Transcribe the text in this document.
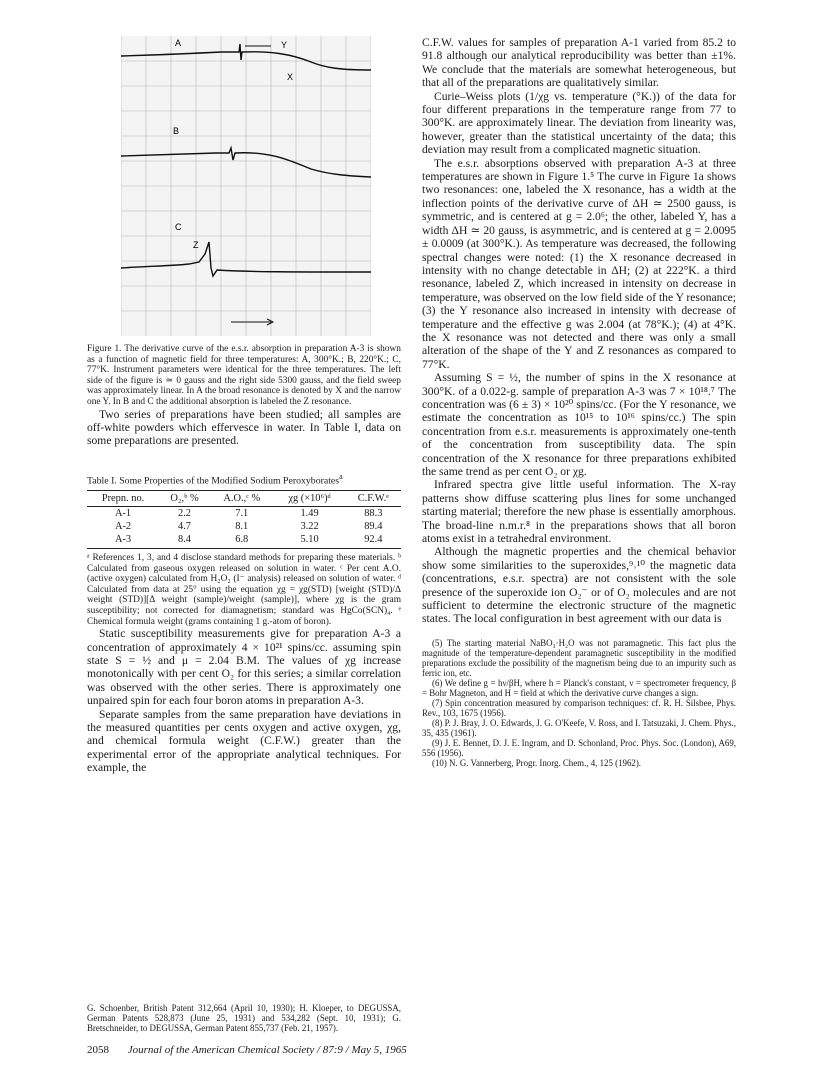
A
B
C
X
Y
Z
Figure 1. The derivative curve of the e.s.r. absorption in preparation A-3 is shown as a function of magnetic field for three temperatures: A, 300°K.; B, 220°K.; C, 77°K. Instrument parameters were identical for the three temperatures. The left side of the figure is ≃ 0 gauss and the right side 5300 gauss, and the field sweep was approximately linear. In A the broad resonance is denoted by X and the narrow one Y. In B and C the additional absorption is labeled the Z resonance.

Two series of preparations have been studied; all samples are off-white powders which effervesce in water. In Table I, data on some preparations are presented.

Table I. Some Properties of the Modified Sodium Peroxyborates$^a$
Prepn. no.	O₂,ᵇ %	A.O.,ᶜ %	χg (×10⁶)ᵈ	C.F.W.ᵉ
A-1	2.2	7.1	1.49	88.3
A-2	4.7	8.1	3.22	89.4
A-3	8.4	6.8	5.10	92.4
ᵃ References 1, 3, and 4 disclose standard methods for preparing these materials. ᵇ Calculated from gaseous oxygen released on solution in water. ᶜ Per cent A.O. (active oxygen) calculated from H₂O₂ (I⁻ analysis) released on solution of water. ᵈ Calculated from data at 25° using the equation χg = χg(STD) [weight (STD)/Δ weight (STD)][Δ weight (sample)/weight (sample)], where χg is the gram susceptibility; not corrected for diamagnetism; standard was HgCo(SCN)₄. ᵉ Chemical formula weight (grams containing 1 g.-atom of boron).

Static susceptibility measurements give for preparation A-3 a concentration of approximately 4 × 10²¹ spins/cc. assuming spin state S = ½ and μ = 2.04 B.M. The values of χg increase monotonically with per cent O₂ for this series; a similar correlation was observed with the other series. There is approximately one unpaired spin for each four boron atoms in preparation A-3.

Separate samples from the same preparation have deviations in the measured quantities per cents oxygen and active oxygen, χg, and chemical formula weight (C.F.W.) greater than the experimental error of the appropriate analytical techniques. For example, the

G. Schoenber, British Patent 312,664 (April 10, 1930); H. Kloeper, to DEGUSSA, German Patents 528,873 (June 25, 1931) and 534,282 (Sept. 10, 1931); G. Bretschneider, to DEGUSSA, German Patent 855,737 (Feb. 21, 1957).

C.F.W. values for samples of preparation A-1 varied from 85.2 to 91.8 although our analytical reproducibility was better than ±1%. We conclude that the materials are somewhat heterogeneous, but that all of the preparations are qualitatively similar.

Curie–Weiss plots (1/χg vs. temperature (°K.)) of the data for four different preparations in the temperature range from 77 to 300°K. are approximately linear. The deviation from linearity was, however, greater than the statistical uncertainty of the data; this deviation may result from a complicated magnetic situation.

The e.s.r. absorptions observed with preparation A-3 at three temperatures are shown in Figure 1.⁵ The curve in Figure 1a shows two resonances: one, labeled the X resonance, has a width at the inflection points of the derivative curve of ΔH ≃ 2500 gauss, is symmetric, and is centered at g = 2.0⁶; the other, labeled Y, has a width ΔH ≃ 20 gauss, is asymmetric, and is centered at g = 2.0095 ± 0.0009 (at 300°K.). As temperature was decreased, the following spectral changes were noted: (1) the X resonance decreased in intensity with no change detectable in ΔH; (2) at 222°K. a third resonance, labeled Z, which increased in intensity on decrease in temperature, was observed on the low field side of the Y resonance; (3) the Y resonance also increased in intensity with decrease of temperature and the effective g was 2.004 (at 78°K.); (4) at 4°K. the X resonance was not detected and there was only a small alteration of the shape of the Y and Z resonances as compared to 77°K.

Assuming S = ½, the number of spins in the X resonance at 300°K. of a 0.022-g. sample of preparation A-3 was 7 × 10¹⁸.⁷ The concentration was (6 ± 3) × 10²⁰ spins/cc. (For the Y resonance, we estimate the concentration as 10¹⁵ to 10¹⁶ spins/cc.) The spin concentration from e.s.r. measurements is approximately one-tenth of the concentration from susceptibility data. The spin concentration of the X resonance for three preparations exhibited the same trend as per cent O₂ or χg.

Infrared spectra give little useful information. The X-ray patterns show diffuse scattering plus lines for some unchanged starting material; therefore the new phase is essentially amorphous. The broad-line n.m.r.⁸ in the preparations shows that all boron atoms exist in a tetrahedral environment.

Although the magnetic properties and the chemical behavior show some similarities to the superoxides,⁹˒¹⁰ the magnetic data (concentrations, e.s.r. spectra) are not consistent with the sole presence of the superoxide ion O₂⁻ or of O₂ molecules and are not sufficient to determine the electronic structure of the magnetic states. The local configuration in best agreement with our data is

(5) The starting material NaBO₃·H₂O was not paramagnetic. This fact plus the magnitude of the temperature-dependent paramagnetic susceptibility in the modified preparations exclude the possibility of the magnetism being due to an impurity such as ferric ion, etc.
(6) We define g = hν/βH, where h = Planck's constant, ν = spectrometer frequency, β = Bohr Magneton, and H = field at which the derivative curve changes a sign.
(7) Spin concentration measured by comparison techniques: cf. R. H. Silsbee, Phys. Rev., 103, 1675 (1956).
(8) P. J. Bray, J. O. Edwards, J. G. O'Keefe, V. Ross, and I. Tatsuzaki, J. Chem. Phys., 35, 435 (1961).
(9) J. E. Bennet, D. J. E. Ingram, and D. Schonland, Proc. Phys. Soc. (London), A69, 556 (1956).
(10) N. G. Vannerberg, Progr. Inorg. Chem., 4, 125 (1962).
2058 Journal of the American Chemical Society / 87:9 / May 5, 1965
